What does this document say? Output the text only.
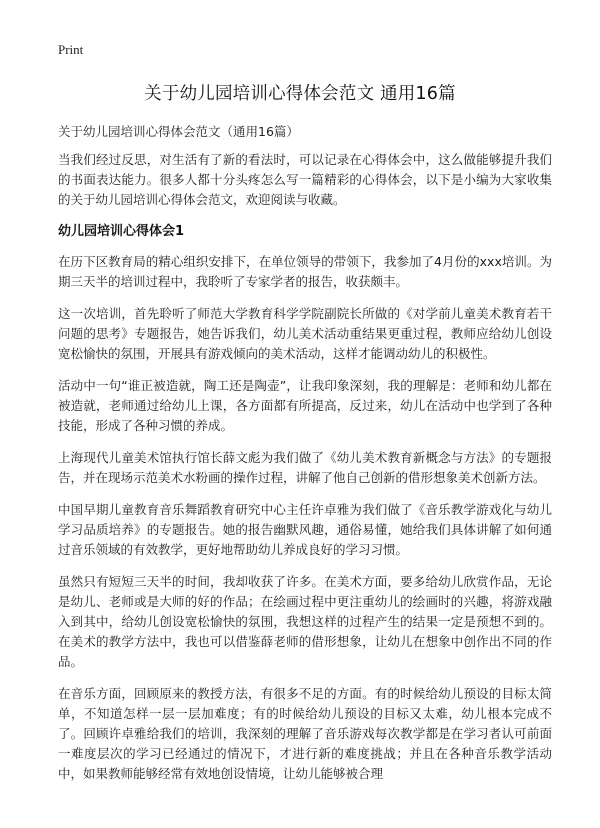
Print
关于幼儿园培训心得体会范文 通用16篇
关于幼儿园培训心得体会范文（通用16篇）

当我们经过反思，对生活有了新的看法时，可以记录在心得体会中，这么做能够提升我们的书面表达能力。很多人都十分头疼怎么写一篇精彩的心得体会，以下是小编为大家收集的关于幼儿园培训心得体会范文，欢迎阅读与收藏。

幼儿园培训心得体会1

在历下区教育局的精心组织安排下，在单位领导的带领下，我参加了4月份的xxx培训。为期三天半的培训过程中，我聆听了专家学者的报告，收获颇丰。

这一次培训，首先聆听了师范大学教育科学学院副院长所做的《对学前儿童美术教育若干问题的思考》专题报告，她告诉我们，幼儿美术活动重结果更重过程，教师应给幼儿创设宽松愉快的氛围，开展具有游戏倾向的美术活动，这样才能调动幼儿的积极性。

活动中一句“谁正被造就，陶工还是陶壶”，让我印象深刻，我的理解是：老师和幼儿都在被造就，老师通过给幼儿上课，各方面都有所提高，反过来，幼儿在活动中也学到了各种技能，形成了各种习惯的养成。

上海现代儿童美术馆执行馆长薛文彪为我们做了《幼儿美术教育新概念与方法》的专题报告，并在现场示范美术水粉画的操作过程，讲解了他自己创新的借形想象美术创新方法。

中国早期儿童教育音乐舞蹈教育研究中心主任许卓雅为我们做了《音乐教学游戏化与幼儿学习品质培养》的专题报告。她的报告幽默风趣，通俗易懂，她给我们具体讲解了如何通过音乐领域的有效教学，更好地帮助幼儿养成良好的学习习惯。

虽然只有短短三天半的时间，我却收获了许多。在美术方面，要多给幼儿欣赏作品，无论是幼儿、老师或是大师的好的作品；在绘画过程中更注重幼儿的绘画时的兴趣，将游戏融入到其中，给幼儿创设宽松愉快的氛围，我想这样的过程产生的结果一定是预想不到的。在美术的教学方法中，我也可以借鉴薛老师的借形想象，让幼儿在想象中创作出不同的作品。

在音乐方面，回顾原来的教授方法，有很多不足的方面。有的时候给幼儿预设的目标太简单，不知道怎样一层一层加难度；有的时候给幼儿预设的目标又太难，幼儿根本完成不了。回顾许卓雅给我们的培训，我深刻的理解了音乐游戏每次教学都是在学习者认可前面一难度层次的学习已经通过的情况下，才进行新的难度挑战；并且在各种音乐教学活动中，如果教师能够经常有效地创设情境，让幼儿能够被合理
